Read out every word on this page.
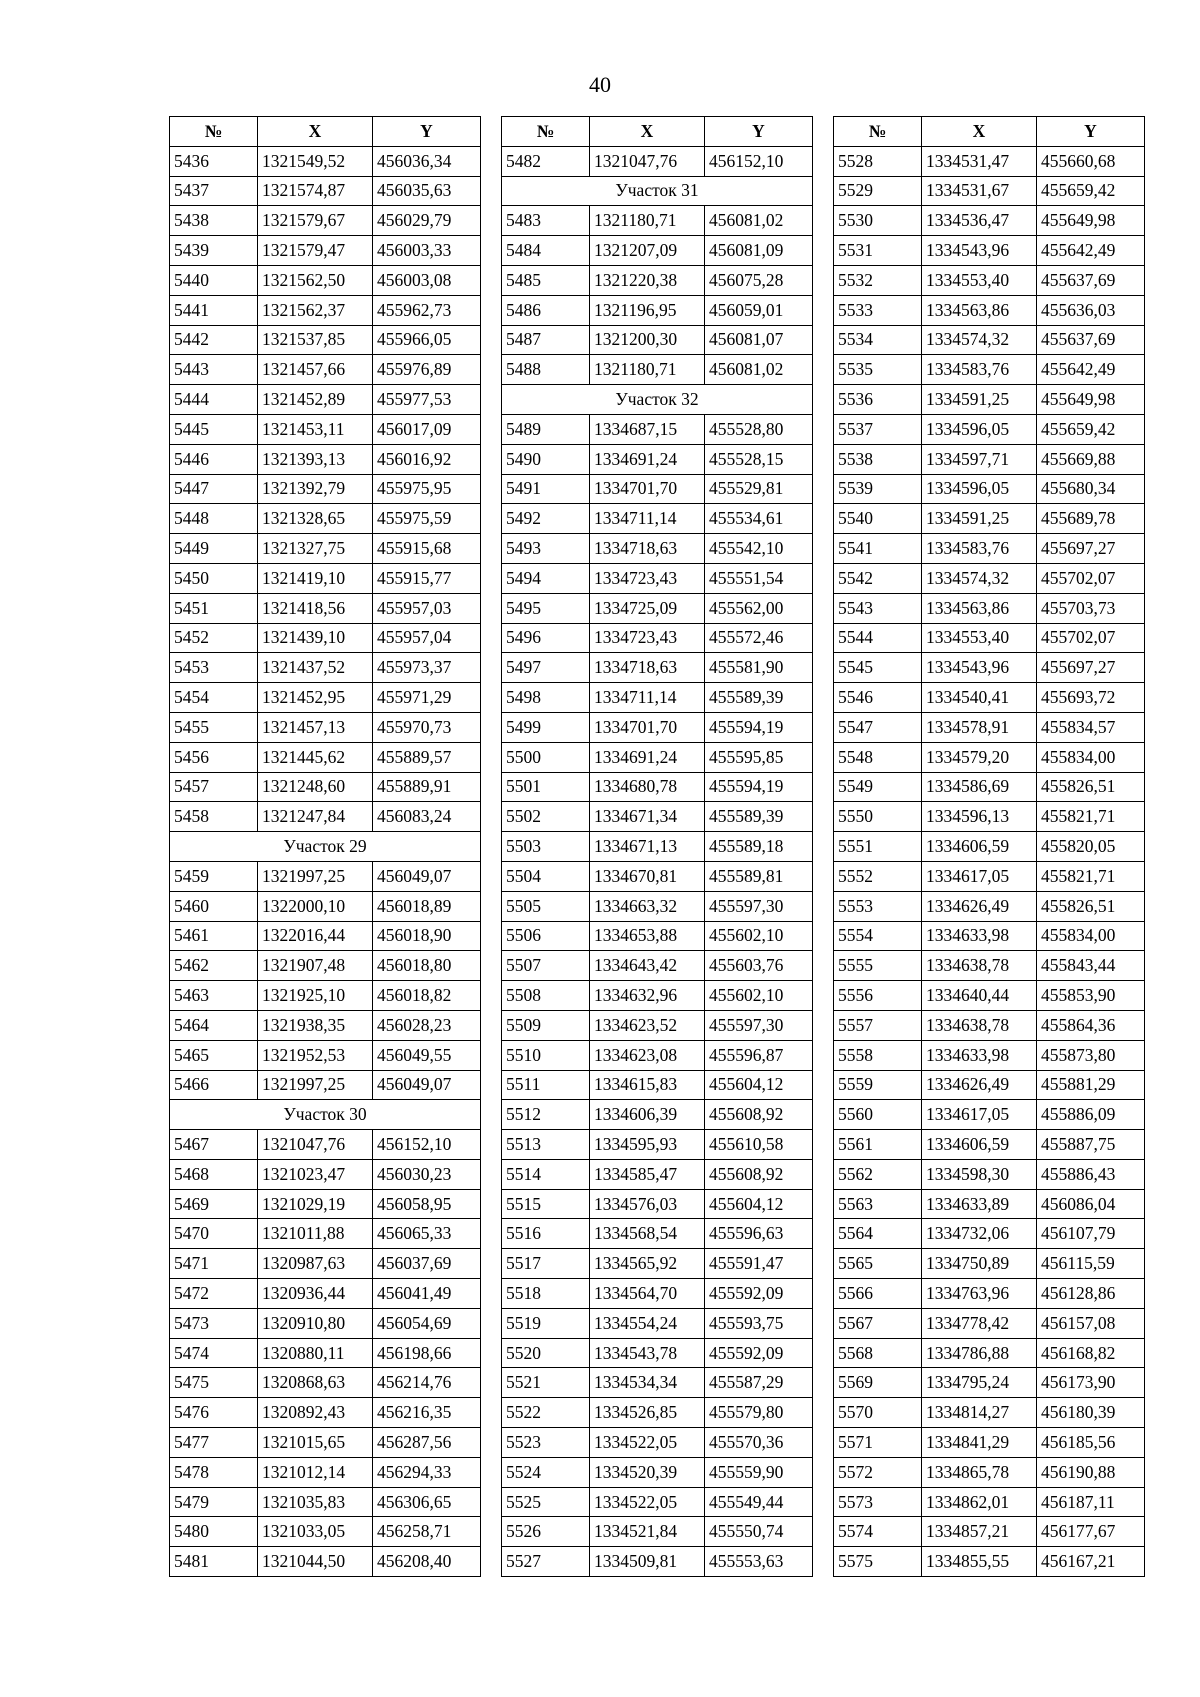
40
№	X	Y
5436	1321549,52	456036,34
5437	1321574,87	456035,63
5438	1321579,67	456029,79
5439	1321579,47	456003,33
5440	1321562,50	456003,08
5441	1321562,37	455962,73
5442	1321537,85	455966,05
5443	1321457,66	455976,89
5444	1321452,89	455977,53
5445	1321453,11	456017,09
5446	1321393,13	456016,92
5447	1321392,79	455975,95
5448	1321328,65	455975,59
5449	1321327,75	455915,68
5450	1321419,10	455915,77
5451	1321418,56	455957,03
5452	1321439,10	455957,04
5453	1321437,52	455973,37
5454	1321452,95	455971,29
5455	1321457,13	455970,73
5456	1321445,62	455889,57
5457	1321248,60	455889,91
5458	1321247,84	456083,24
Участок 29		
5459	1321997,25	456049,07
5460	1322000,10	456018,89
5461	1322016,44	456018,90
5462	1321907,48	456018,80
5463	1321925,10	456018,82
5464	1321938,35	456028,23
5465	1321952,53	456049,55
5466	1321997,25	456049,07
Участок 30		
5467	1321047,76	456152,10
5468	1321023,47	456030,23
5469	1321029,19	456058,95
5470	1321011,88	456065,33
5471	1320987,63	456037,69
5472	1320936,44	456041,49
5473	1320910,80	456054,69
5474	1320880,11	456198,66
5475	1320868,63	456214,76
5476	1320892,43	456216,35
5477	1321015,65	456287,56
5478	1321012,14	456294,33
5479	1321035,83	456306,65
5480	1321033,05	456258,71
5481	1321044,50	456208,40
№	X	Y
5482	1321047,76	456152,10
Участок 31		
5483	1321180,71	456081,02
5484	1321207,09	456081,09
5485	1321220,38	456075,28
5486	1321196,95	456059,01
5487	1321200,30	456081,07
5488	1321180,71	456081,02
Участок 32		
5489	1334687,15	455528,80
5490	1334691,24	455528,15
5491	1334701,70	455529,81
5492	1334711,14	455534,61
5493	1334718,63	455542,10
5494	1334723,43	455551,54
5495	1334725,09	455562,00
5496	1334723,43	455572,46
5497	1334718,63	455581,90
5498	1334711,14	455589,39
5499	1334701,70	455594,19
5500	1334691,24	455595,85
5501	1334680,78	455594,19
5502	1334671,34	455589,39
5503	1334671,13	455589,18
5504	1334670,81	455589,81
5505	1334663,32	455597,30
5506	1334653,88	455602,10
5507	1334643,42	455603,76
5508	1334632,96	455602,10
5509	1334623,52	455597,30
5510	1334623,08	455596,87
5511	1334615,83	455604,12
5512	1334606,39	455608,92
5513	1334595,93	455610,58
5514	1334585,47	455608,92
5515	1334576,03	455604,12
5516	1334568,54	455596,63
5517	1334565,92	455591,47
5518	1334564,70	455592,09
5519	1334554,24	455593,75
5520	1334543,78	455592,09
5521	1334534,34	455587,29
5522	1334526,85	455579,80
5523	1334522,05	455570,36
5524	1334520,39	455559,90
5525	1334522,05	455549,44
5526	1334521,84	455550,74
5527	1334509,81	455553,63
№	X	Y
5528	1334531,47	455660,68
5529	1334531,67	455659,42
5530	1334536,47	455649,98
5531	1334543,96	455642,49
5532	1334553,40	455637,69
5533	1334563,86	455636,03
5534	1334574,32	455637,69
5535	1334583,76	455642,49
5536	1334591,25	455649,98
5537	1334596,05	455659,42
5538	1334597,71	455669,88
5539	1334596,05	455680,34
5540	1334591,25	455689,78
5541	1334583,76	455697,27
5542	1334574,32	455702,07
5543	1334563,86	455703,73
5544	1334553,40	455702,07
5545	1334543,96	455697,27
5546	1334540,41	455693,72
5547	1334578,91	455834,57
5548	1334579,20	455834,00
5549	1334586,69	455826,51
5550	1334596,13	455821,71
5551	1334606,59	455820,05
5552	1334617,05	455821,71
5553	1334626,49	455826,51
5554	1334633,98	455834,00
5555	1334638,78	455843,44
5556	1334640,44	455853,90
5557	1334638,78	455864,36
5558	1334633,98	455873,80
5559	1334626,49	455881,29
5560	1334617,05	455886,09
5561	1334606,59	455887,75
5562	1334598,30	455886,43
5563	1334633,89	456086,04
5564	1334732,06	456107,79
5565	1334750,89	456115,59
5566	1334763,96	456128,86
5567	1334778,42	456157,08
5568	1334786,88	456168,82
5569	1334795,24	456173,90
5570	1334814,27	456180,39
5571	1334841,29	456185,56
5572	1334865,78	456190,88
5573	1334862,01	456187,11
5574	1334857,21	456177,67
5575	1334855,55	456167,21
